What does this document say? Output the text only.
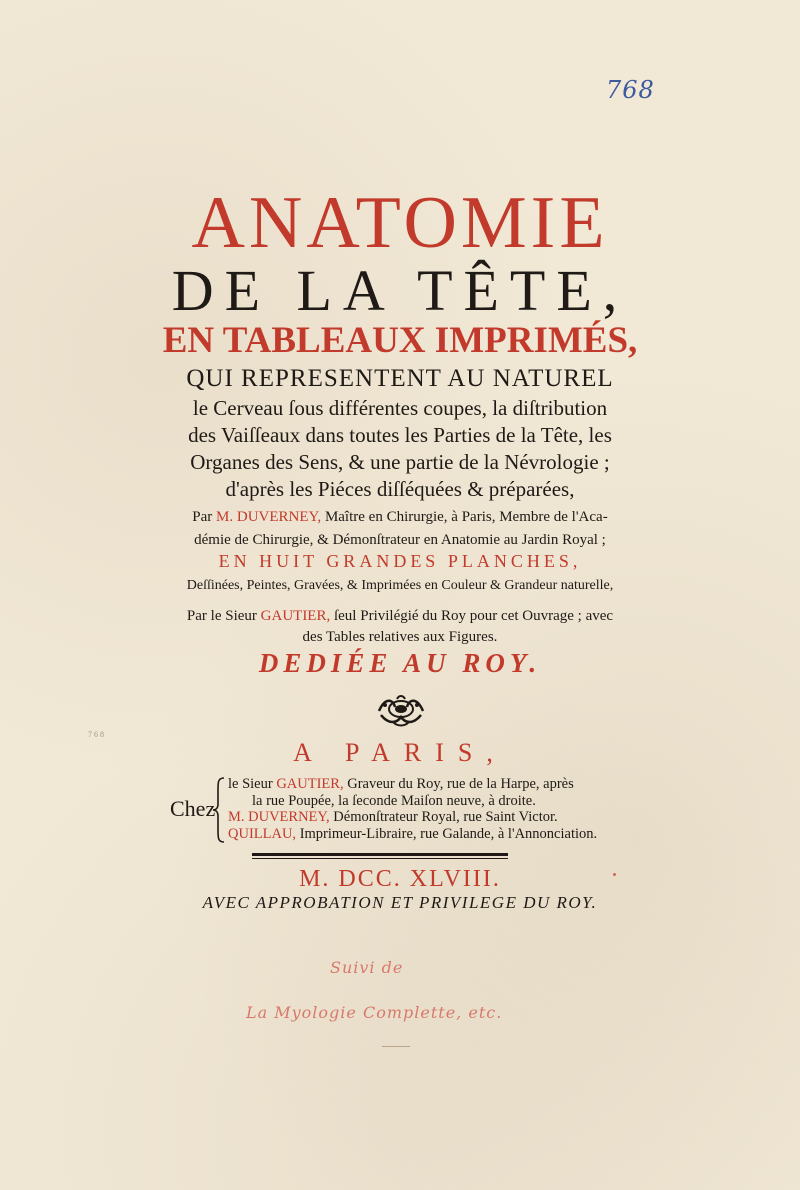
768
7 6 8
ANATOMIE
DE LA TÊTE,
EN TABLEAUX IMPRIMÉS,
QUI REPRESENTENT AU NATUREL
le Cerveau ſous différentes coupes, la diſtribution
des Vaiſſeaux dans toutes les Parties de la Tête, les
Organes des Sens, & une partie de la Névrologie ;
d'après les Piéces diſſéquées & préparées,
Par M. DUVERNEY, Maître en Chirurgie, à Paris, Membre de l'Aca-
démie de Chirurgie, & Démonſtrateur en Anatomie au Jardin Royal ;
EN HUIT GRANDES PLANCHES,
Deſſinées, Peintes, Gravées, & Imprimées en Couleur & Grandeur naturelle,
Par le Sieur GAUTIER, ſeul Privilégié du Roy pour cet Ouvrage ; avec
des Tables relatives aux Figures.
DEDIÉE AU ROY.
A PARIS,
Chez
le Sieur GAUTIER, Graveur du Roy, rue de la Harpe, après
la rue Poupée, la ſeconde Maiſon neuve, à droite.
M. DUVERNEY, Démonſtrateur Royal, rue Saint Victor.
QUILLAU, Imprimeur-Libraire, rue Galande, à l'Annonciation.
M. DCC. XLVIII.
AVEC APPROBATION ET PRIVILEGE DU ROY.
Suivi de
La Myologie Complette, etc.
